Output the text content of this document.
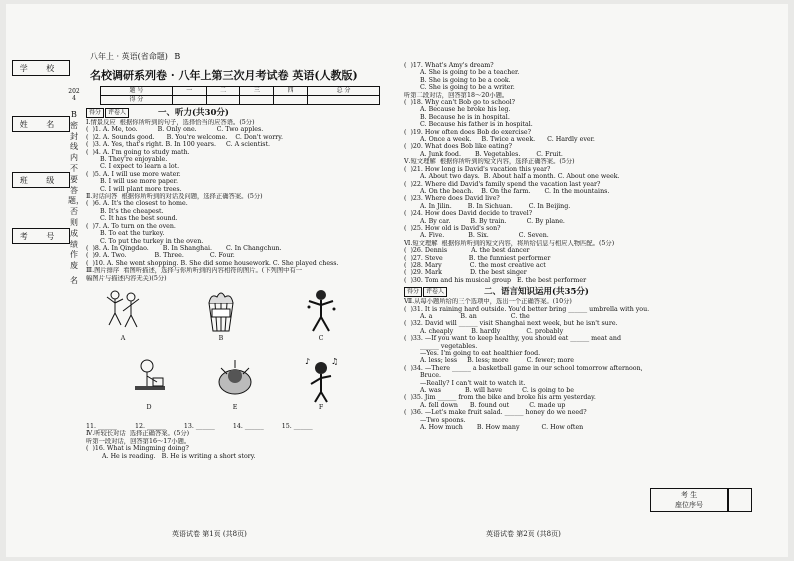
八年上 · 英语(省命题) B
学 校
姓 名
班 级
考 号
2024
B密封线内不要答题，否则成绩作废
名
名校调研系列卷 · 八年上第三次月考试卷 英语(人教版)
题 号	一	二	三	四	总 分
得 分					
得分	评卷人	一、听力(共30分)
Ⅰ.情景反应  根据你所听到的句子，选择恰当的应答语。(5分)
(  )1. A. Me, too.          B. Only one.          C. Two apples.
(  )2. A. Sounds good.      B. You're welcome.    C. Don't worry.
(  )3. A. Yes, that's right. B. In 100 years.     C. A scientist.
(  )4. A. I'm going to study math.
B. They're enjoyable.
C. I expect to learn a lot.
(  )5. A. I will use more water.
B. I will use more paper.
C. I will plant more trees.
Ⅱ.对话问答  根据你所听到的对话及问题，选择正确答案。(5分)
(  )6. A. It's the closest to home.
B. It's the cheapest.
C. It has the best sound.
(  )7. A. To turn on the oven.
B. To eat the turkey.
C. To put the turkey in the oven.
(  )8. A. In Qingdao.       B. In Shanghai.       C. In Changchun.
(  )9. A. Two.              B. Three.             C. Four.
(  )10. A. She went shopping. B. She did some housework. C. She played chess.
Ⅲ.图片排序  看图听描述，选择与你所听到的内容相符的图片。(下列图中有一
幅图片与描述内容无关)(5分)
A	B	C
D	E
♪	♫
F
11. ______	12. ______	13. ______	14. ______	15. ______
Ⅳ.听较长对话  选择正确答案。(5分)
听第一段对话，回答第16～17小题。
(  )16. What is Mingming doing?
A. He is reading.   B. He is writing a short story.
(  )17. What's Amy's dream?
A. She is going to be a teacher.
B. She is going to be a cook.
C. She is going to be a writer.
听第二段对话，回答第18～20小题。
(  )18. Why can't Bob go to school?
A. Because he broke his leg.
B. Because he is in hospital.
C. Because his father is in hospital.
(  )19. How often does Bob do exercise?
A. Once a week.     B. Twice a week.      C. Hardly ever.
(  )20. What does Bob like eating?
A. Junk food.       B. Vegetables.        C. Fruit.
Ⅴ.短文理解  根据你所听到的短文内容，选择正确答案。(5分)
(  )21. How long is David's vacation this year?
A. About two days.  B. About half a month. C. About one week.
(  )22. Where did David's family spend the vacation last year?
A. On the beach.    B. On the farm.       C. In the mountains.
(  )23. Where does David live?
A. In Jilin.        B. In Sichuan.        C. In Beijing.
(  )24. How does David decide to travel?
A. By car.          B. By train.          C. By plane.
(  )25. How old is David's son?
A. Five.            B. Six.               C. Seven.
Ⅵ.短文理解  根据你所听到的短文内容，将所给信息与相应人物匹配。(5分)
(  )26. Dennis            A. the best dancer
(  )27. Steve             B. the funniest performer
(  )28. Mary              C. the most creative act
(  )29. Mark              D. the best singer
(  )30. Tom and his musical group   E. the best performer
得分	评卷人	二、语言知识运用(共35分)
Ⅶ.从每小题所给的三个选项中，选出一个正确答案。(10分)
(  )31. It is raining hard outside. You'd better bring ______ umbrella with you.
A. a              B. an                 C. the
(  )32. David will ______ visit Shanghai next week, but he isn't sure.
A. cheaply         B. hardly             C. probably
(  )33. —If you want to keep healthy, you should eat ______ meat and
______ vegetables.
—Yes. I'm going to eat healthier food.
A. less; less     B. less; more         C. fewer; more
(  )34. —There ______ a basketball game in our school tomorrow afternoon,
Bruce.
—Really? I can't wait to watch it.
A. was            B. will have          C. is going to be
(  )35. Jim ______ from the bike and broke his arm yesterday.
A. fell down      B. found out          C. made up
(  )36. —Let's make fruit salad. ______ honey do we need?
—Two spoons.
A. How much       B. How many           C. How often
考 生
座位序号
英语试卷 第1页 (共8页)	英语试卷 第2页 (共8页)
